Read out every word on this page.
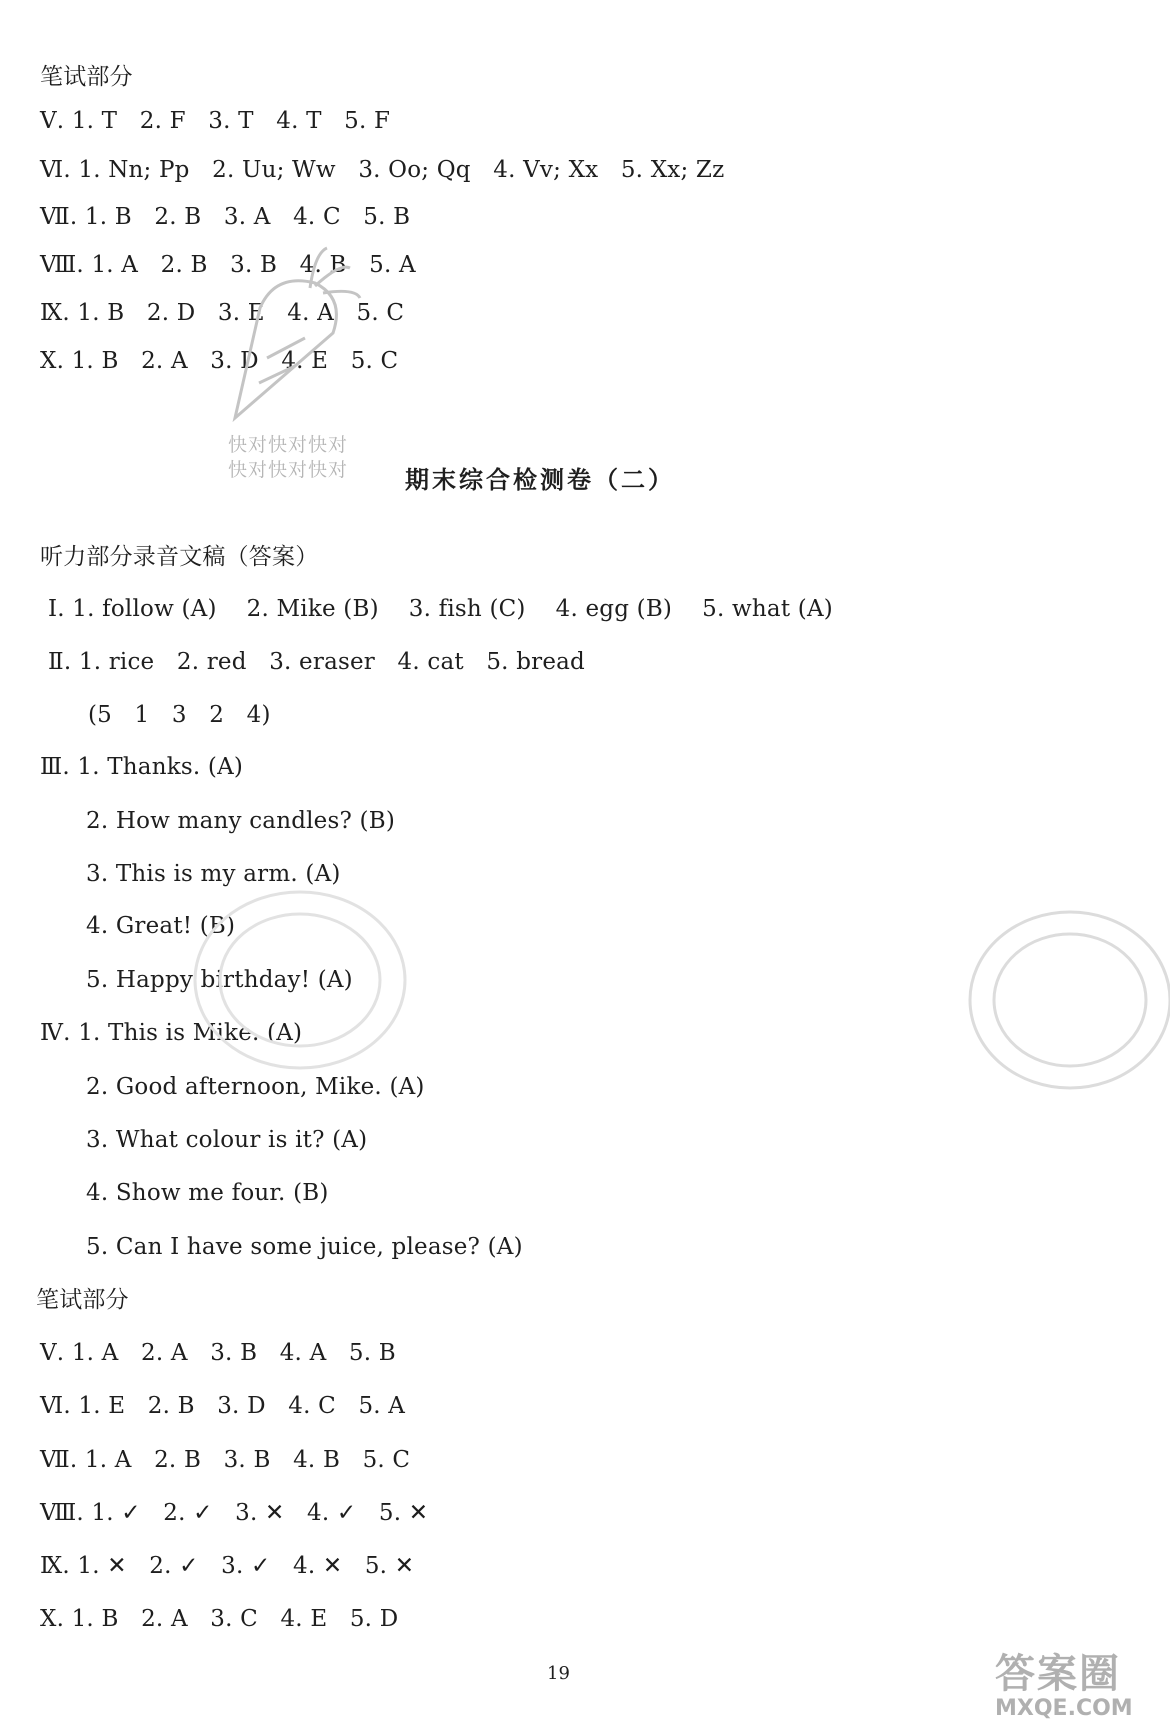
笔试部分
Ⅴ. 1. T   2. F   3. T   4. T   5. F
Ⅵ. 1. Nn; Pp   2. Uu; Ww   3. Oo; Qq   4. Vv; Xx   5. Xx; Zz
Ⅶ. 1. B   2. B   3. A   4. C   5. B
Ⅷ. 1. A   2. B   3. B   4. B   5. A
Ⅸ. 1. B   2. D   3. E   4. A   5. C
Ⅹ. 1. B   2. A   3. D   4. E   5. C
快对快对快对
快对快对快对 期末综合检测卷（二）
听力部分录音文稿（答案）
Ⅰ. 1. follow (A)    2. Mike (B)    3. fish (C)    4. egg (B)    5. what (A)
Ⅱ. 1. rice   2. red   3. eraser   4. cat   5. bread
(5   1   3   2   4)
Ⅲ. 1. Thanks. (A)
2. How many candles? (B)
3. This is my arm. (A)
4. Great! (B)
5. Happy birthday! (A)
Ⅳ. 1. This is Mike. (A)
2. Good afternoon, Mike. (A)
3. What colour is it? (A)
4. Show me four. (B)
5. Can I have some juice, please? (A)
笔试部分
Ⅴ. 1. A   2. A   3. B   4. A   5. B
Ⅵ. 1. E   2. B   3. D   4. C   5. A
Ⅶ. 1. A   2. B   3. B   4. B   5. C
Ⅷ. 1. ✓   2. ✓   3. ✕   4. ✓   5. ✕
Ⅸ. 1. ✕   2. ✓   3. ✓   4. ✕   5. ✕
Ⅹ. 1. B   2. A   3. C   4. E   5. D
19	答案圈
MXQE.COM
